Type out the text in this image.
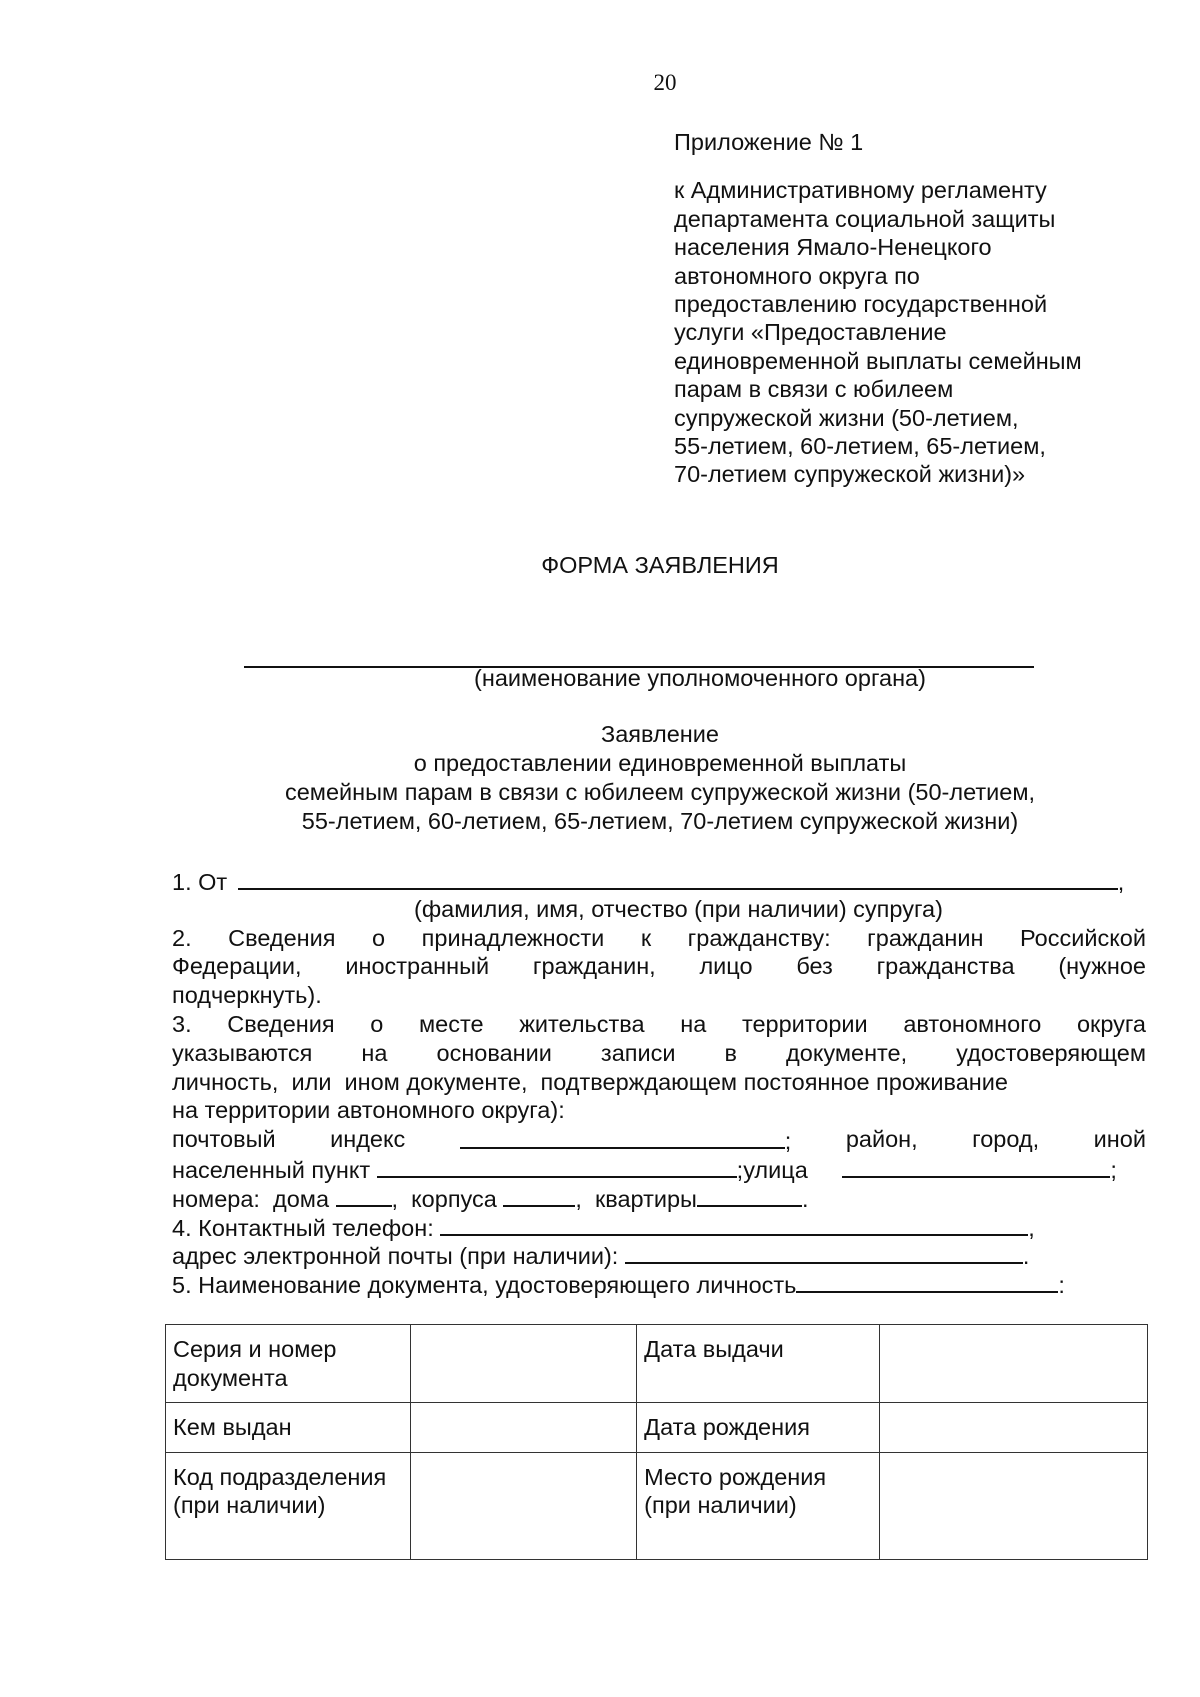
20
Приложение № 1
к Административному регламенту
департамента социальной защиты
населения Ямало-Ненецкого
автономного округа по
предоставлению государственной
услуги «Предоставление
единовременной выплаты семейным
парам в связи с юбилеем
супружеской жизни (50-летием,
55-летием, 60-летием, 65-летием,
70-летием супружеской жизни)»
ФОРМА ЗАЯВЛЕНИЯ
(наименование уполномоченного органа)
Заявление
о предоставлении единовременной выплаты
семейным парам в связи с юбилеем супружеской жизни (50-летием,
55-летием, 60-летием, 65-летием, 70-летием супружеской жизни)
1. От	,
(фамилия, имя, отчество (при наличии) супруга)
2. Сведения о принадлежности к гражданству: гражданин Российской
Федерации, иностранный гражданин, лицо без гражданства (нужное
подчеркнуть).
3. Сведения о месте жительства на территории автономного округа
указываются на основании записи в документе, удостоверяющем
личность,  или  ином документе,  подтверждающем постоянное проживание
на территории автономного округа):
почтовый индекс	; район, город, иной
населенный пункт	;улица	;
номера:  дома	,  корпуса	,  квартиры	.
4. Контактный телефон:	,
адрес электронной почты (при наличии):	.
5. Наименование документа, удостоверяющего личность	:
Серия и номер документа		Дата выдачи	
Кем выдан		Дата рождения	
Код подразделения (при наличии)		Место рождения (при наличии)	
